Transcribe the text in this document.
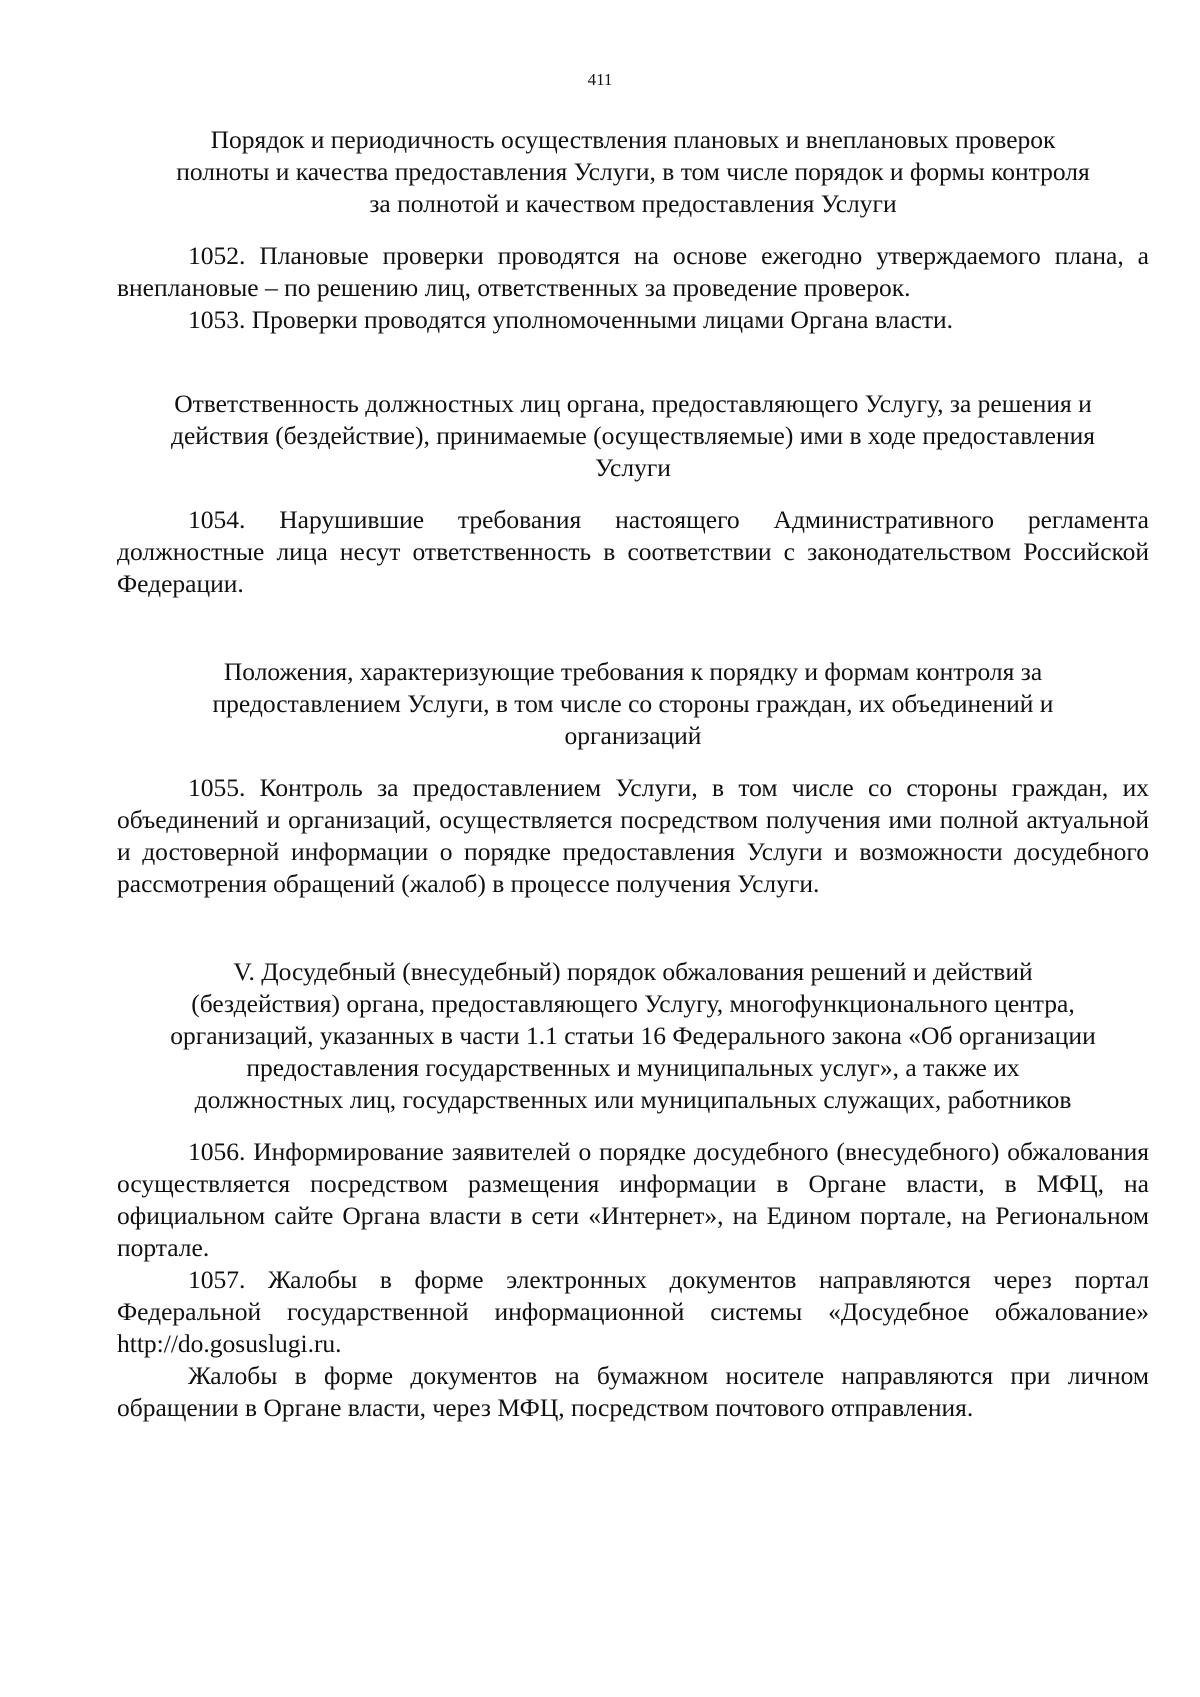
411
Порядок и периодичность осуществления плановых и внеплановых проверок
полноты и качества предоставления Услуги, в том числе порядок и формы контроля
за полнотой и качеством предоставления Услуги

1052. Плановые проверки проводятся на основе ежегодно утверждаемого плана, а внеплановые – по решению лиц, ответственных за проведение проверок.

1053. Проверки проводятся уполномоченными лицами Органа власти.

Ответственность должностных лиц органа, предоставляющего Услугу, за решения и
действия (бездействие), принимаемые (осуществляемые) ими в ходе предоставления
Услуги

1054. Нарушившие требования настоящего Административного регламента должностные лица несут ответственность в соответствии с законодательством Российской Федерации.

Положения, характеризующие требования к порядку и формам контроля за
предоставлением Услуги, в том числе со стороны граждан, их объединений и
организаций

1055. Контроль за предоставлением Услуги, в том числе со стороны граждан, их объединений и организаций, осуществляется посредством получения ими полной актуальной и достоверной информации о порядке предоставления Услуги и возможности досудебного рассмотрения обращений (жалоб) в процессе получения Услуги.

V. Досудебный (внесудебный) порядок обжалования решений и действий
(бездействия) органа, предоставляющего Услугу, многофункционального центра,
организаций, указанных в части 1.1 статьи 16 Федерального закона «Об организации
предоставления государственных и муниципальных услуг», а также их
должностных лиц, государственных или муниципальных служащих, работников

1056. Информирование заявителей о порядке досудебного (внесудебного) обжалования осуществляется посредством размещения информации в Органе власти, в МФЦ, на официальном сайте Органа власти в сети «Интернет», на Едином портале, на Региональном портале.

1057. Жалобы в форме электронных документов направляются через портал Федеральной государственной информационной системы «Досудебное обжалование» http://do.gosuslugi.ru.

Жалобы в форме документов на бумажном носителе направляются при личном обращении в Органе власти, через МФЦ, посредством почтового отправления.
